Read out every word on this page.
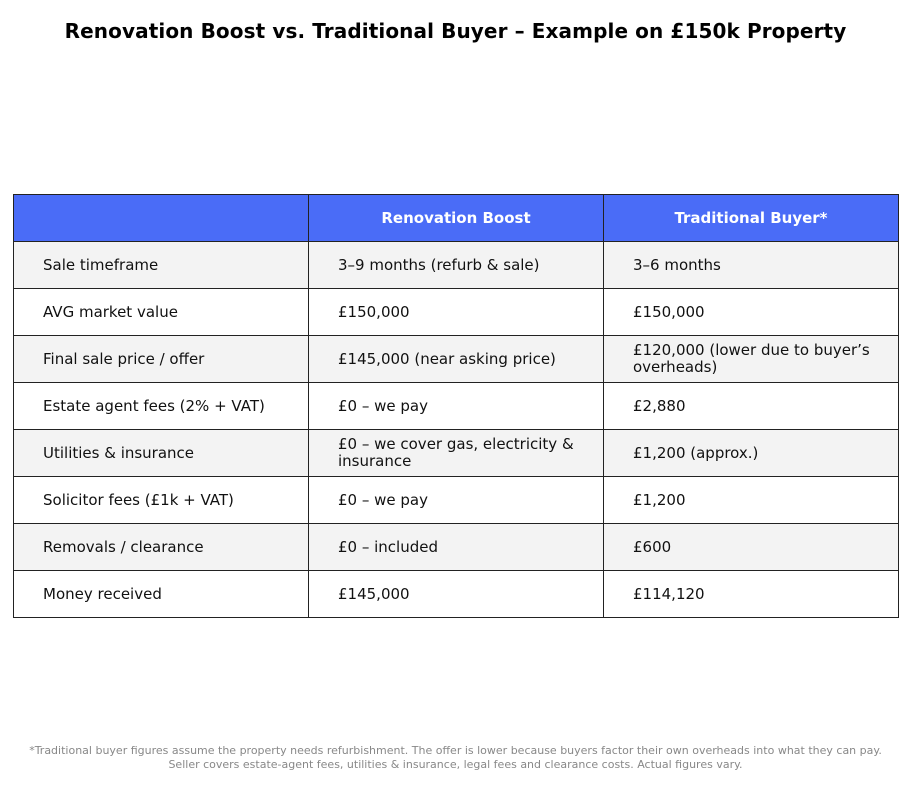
Renovation Boost vs. Traditional Buyer – Example on £150k Property
	Renovation Boost	Traditional Buyer*
Sale timeframe	3–9 months (refurb & sale)	3–6 months
AVG market value	£150,000	£150,000
Final sale price / offer	£145,000 (near asking price)	£120,000 (lower due to buyer’s overheads)
Estate agent fees (2% + VAT)	£0 – we pay	£2,880
Utilities & insurance	£0 – we cover gas, electricity & insurance	£1,200 (approx.)
Solicitor fees (£1k + VAT)	£0 – we pay	£1,200
Removals / clearance	£0 – included	£600
Money received	£145,000	£114,120
*Traditional buyer figures assume the property needs refurbishment. The offer is lower because buyers factor their own overheads into what they can pay.
Seller covers estate-agent fees, utilities & insurance, legal fees and clearance costs. Actual figures vary.
